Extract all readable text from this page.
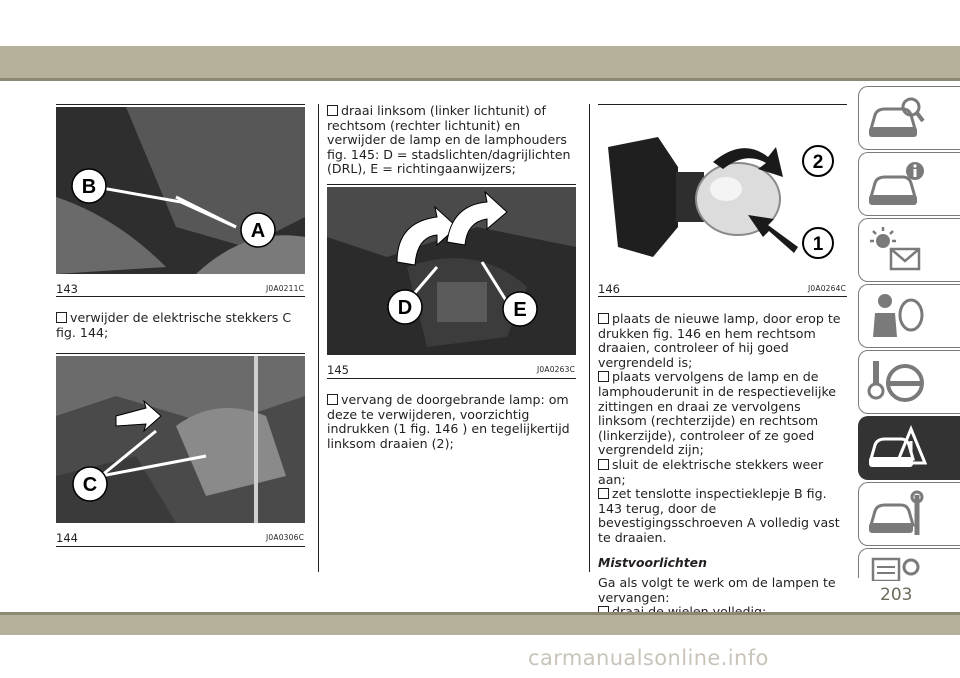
B
A
143	J0A0211C

verwijder de elektrische stekkers C fig. 144;

C
144	J0A0306C

draai linksom (linker lichtunit) of rechtsom (rechter lichtunit) en verwijder de lamp en de lamphouders fig. 145: D = stadslichten/dagrijlichten (DRL), E = richtingaanwijzers;

D	E
145	J0A0263C

vervang de doorgebrande lamp: om deze te verwijderen, voorzichtig indrukken (1 fig. 146 ) en tegelijkertijd linksom draaien (2);

2
1
146	J0A0264C

plaats de nieuwe lamp, door erop te drukken fig. 146 en hem rechtsom draaien, controleer of hij goed vergrendeld is;

plaats vervolgens de lamp en de lamphouderunit in de respectievelijke zittingen en draai ze vervolgens linksom (rechterzijde) en rechtsom (linkerzijde), controleer of ze goed vergrendeld zijn;

sluit de elektrische stekkers weer aan;

zet tenslotte inspectieklepje B fig. 143 terug, door de bevestigingsschroeven A volledig vast te draaien.

Mistvoorlichten

Ga als volgt te werk om de lampen te vervangen:	203
carmanualsonline.info
